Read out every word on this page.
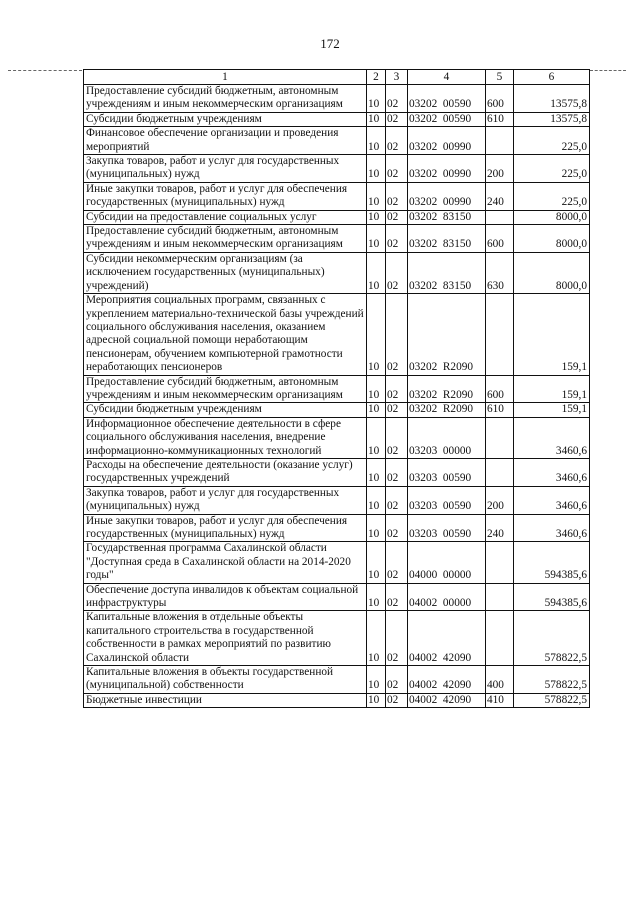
172
1	2	3	4	5	6
Предоставление субсидий бюджетным, автономным учреждениям и иным некоммерческим организациям	10	02	03202  00590	600	13575,8
Субсидии бюджетным учреждениям	10	02	03202  00590	610	13575,8
Финансовое обеспечение организации и проведения мероприятий	10	02	03202  00990		225,0
Закупка товаров, работ и услуг для государственных (муниципальных) нужд	10	02	03202  00990	200	225,0
Иные закупки товаров, работ и услуг для обеспечения государственных (муниципальных) нужд	10	02	03202  00990	240	225,0
Субсидии на предоставление социальных услуг	10	02	03202  83150		8000,0
Предоставление субсидий бюджетным, автономным учреждениям и иным некоммерческим организациям	10	02	03202  83150	600	8000,0
Субсидии некоммерческим организациям (за исключением государственных (муниципальных) учреждений)	10	02	03202  83150	630	8000,0
Мероприятия социальных программ, связанных с укреплением материально-технической базы учреждений социального обслуживания населения, оказанием адресной социальной помощи неработающим пенсионерам, обучением компьютерной грамотности неработающих пенсионеров	10	02	03202  R2090		159,1
Предоставление субсидий бюджетным, автономным учреждениям и иным некоммерческим организациям	10	02	03202  R2090	600	159,1
Субсидии бюджетным учреждениям	10	02	03202  R2090	610	159,1
Информационное обеспечение деятельности в сфере социального обслуживания населения, внедрение информационно-коммуникационных технологий	10	02	03203  00000		3460,6
Расходы на обеспечение деятельности (оказание услуг) государственных учреждений	10	02	03203  00590		3460,6
Закупка товаров, работ и услуг для государственных (муниципальных) нужд	10	02	03203  00590	200	3460,6
Иные закупки товаров, работ и услуг для обеспечения государственных (муниципальных) нужд	10	02	03203  00590	240	3460,6
Государственная программа Сахалинской области "Доступная среда в Сахалинской области на 2014-2020 годы"	10	02	04000  00000		594385,6
Обеспечение доступа инвалидов к объектам социальной инфраструктуры	10	02	04002  00000		594385,6
Капитальные вложения в отдельные объекты капитального строительства в государственной собственности в рамках мероприятий по развитию Сахалинской области	10	02	04002  42090		578822,5
Капитальные вложения в объекты государственной (муниципальной) собственности	10	02	04002  42090	400	578822,5
Бюджетные инвестиции	10	02	04002  42090	410	578822,5
